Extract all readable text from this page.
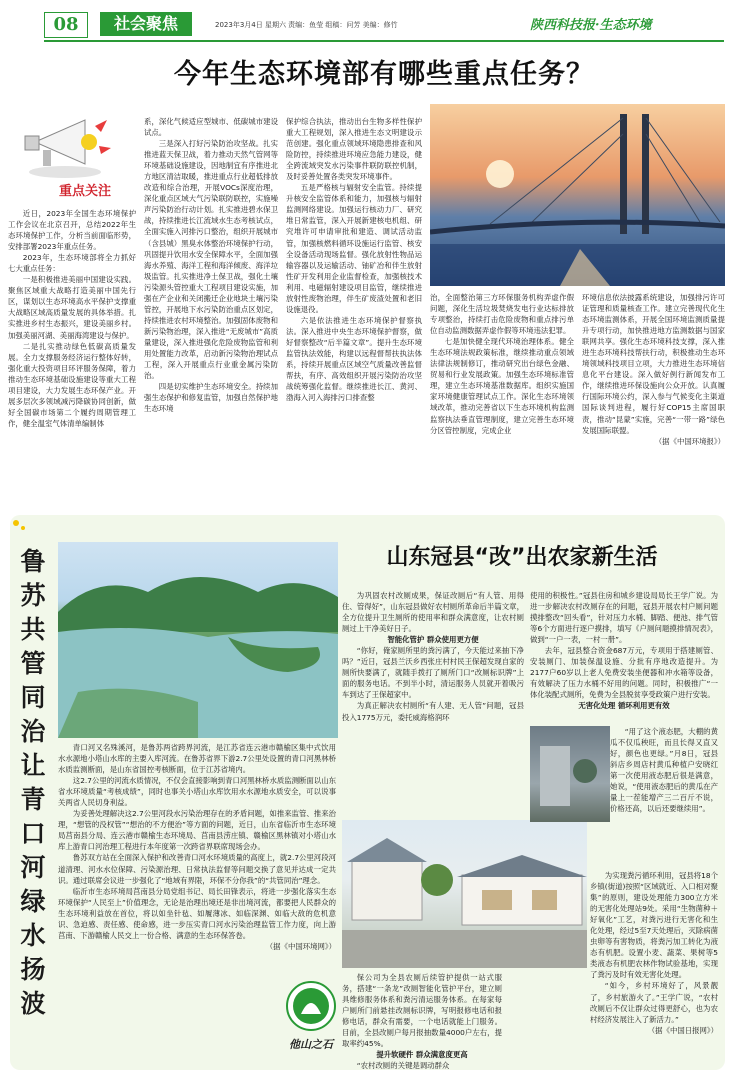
08	社会聚焦	2023年3月4日 星期六 责编：鱼莹 组稿：问芳 美编：修竹	陕西科技报·生态环境
今年生态环境部有哪些重点任务？
重点关注

近日，2023年全国生态环境保护工作会议在北京召开，总结2022年生态环境保护工作，分析当前面临形势，安排部署2023年重点任务。

2023年，生态环境部将全力抓好七大重点任务：

一是积极推进美丽中国建设实践。聚焦区域重大战略打造美丽中国先行区，谋划以生态环境高水平保护支撑重大战略区域高质量发展的具体举措。扎实推进乡村生态振兴，建设美丽乡村。加强美丽河湖、美丽海湾建设与保护。

二是扎实推动绿色低碳高质量发展。全力支撑服务经济运行整体好转，强化重大投资项目环评服务保障，着力推动生态环境基础设施建设等重大工程项目建设，大力发展生态环保产业。开展多层次多领域减污降碳协同创新，做好全国碳市场第二个履约周期管理工作，健全温室气体清单编制体

系，深化气候适应型城市、低碳城市建设试点。

三是深入打好污染防治攻坚战。扎实推进蓝天保卫战，着力推动天然气管网等环境基础设施建设，因地制宜有序推进北方地区清洁取暖，推进重点行业超低排放改造和综合治理，开展VOCs深度治理，深化重点区域大气污染联防联控，实施噪声污染防治行动计划。扎实推进碧水保卫战，持续推进长江流域水生态考核试点，全面实施入河排污口整治，组织开展城市（含县城）黑臭水体整治环境保护行动，巩固提升饮用水安全保障水平，全面加强海水养殖、海洋工程和海洋倾废、海洋垃圾监管。扎实推进净土保卫战，强化土壤污染源头管控重大工程项目建设实施，加强在产企业和关闭搬迁企业地块土壤污染管控，开展地下水污染防治重点区划定，持续推进农村环境整治。加强固体废物和新污染物治理，深入推进“无废城市”高质量建设，深入推进强化危险废物监管和利用处置能力改革，启动新污染物治理试点工程，深入开展重点行业重金属污染防治。

四是切实维护生态环境安全。持续加强生态保护和修复监管，加强自然保护地生态环境

保护综合执法，推动出台生物多样性保护重大工程规划，深入推进生态文明建设示范创建。强化重点领域环境隐患排查和风险防控，持续推进环境应急能力建设，健全跨流域突发水污染事件联防联控机制，及时妥善处置各类突发环境事件。

五是严格核与辐射安全监管。持续提升核安全监管体系和能力，加强核与辐射监测网络建设。加强运行核动力厂、研究堆日常监管，深入开展新建核电机组、研究堆许可申请审批和建造、调试活动监管，加强核燃料循环设施运行监管、核安全设备活动现场监督。强化放射性物品运输容器以及运输活动、铀矿冶和伴生放射性矿开发利用企业监督检查，加强核技术利用、电磁辐射建设项目监管，继续推进放射性废物治理，伴生矿废渣处置和老旧设施退役。

六是依法推进生态环境保护督察执法。深入推进中央生态环境保护督察，做好督察整改“后半篇文章”。提升生态环境监管执法效能，构建以远程督帮扶执法体系，持续开展重点区域空气质量改善监督帮扶，有序、高效组织开展污染防治攻坚战统筹强化监督。继续推进长江、黄河、渤海入河入海排污口排查整

治，全面整治第三方环保服务机构弄虚作假问题，深化生活垃圾焚烧发电行业达标排放专项整治，持续打击危险废物和重点排污单位自动监测数据弄虚作假等环境违法犯罪。

七是加快健全现代环境治理体系。健全生态环境法规政策标准，继续推动重点领域法律法规制修订，推动研究出台绿色金融、贸易和行业发展政策。加强生态环境标准管理，建立生态环境基准数据库。组织实施国家环境健康管理试点工作。深化生态环境领域改革，推动完善省以下生态环境机构监测监察执法垂直管理制度，建立完善生态环境分区管控制度，完成企业

环境信息依法披露系统建设，加强排污许可证管理和质量核查工作。建立完善现代化生态环境监测体系，开展全国环境监测质量提升专项行动，加快推进地方监测数据与国家联网共享。强化生态环境科技支撑，深入推进生态环境科技帮扶行动，积极推动生态环境领域科技项目立项，大力推进生态环境信息化平台建设。深入做好例行新闻发布工作，继续推进环保设施向公众开放。认真履行国际环境公约，深入参与气候变化主渠道国际谈判进程，履行好COP15主席国职责，推动“昆蒙”实施，完善“一带一路”绿色发展国际联盟。

（据《中国环境报》）

鲁苏共管同治让青口河绿水扬波

青口河又名殊溪河，是鲁苏两省跨界河流，是江苏省连云港市赣榆区集中式饮用水水源地小塔山水库的主要入库河流。在鲁苏省界下游2.7公里处设置的青口河黑林桥水质监测断面，是山东省国控考核断面，位于江苏省境内。

这2.7公里的河流水质情况，不仅会直接影响到青口河黑林桥水质监测断面以山东省水环境质量“考核成绩”，同时也事关小塔山水库饮用水水源地水质安全，可以说事关两省人民切身利益。

为妥善处理解决这2.7公里河段水污染治理存在的矛盾问题，如推来监管、推来治理，“想管的没权管”“想治的不方便治”等方面的问题，近日，山东省临沂市生态环境局莒南县分局、连云港市赣榆生态环境局、莒南县涝庄镇、赣榆区黑林镇对小塔山水库上游青口河治理工程进行本年度第一次跨省界联席现场会办。

鲁苏双方站在全面深入保护和改善青口河水环境质量的高度上，就2.7公里河段河道清理、河水水位保障、污染源治理、日常执法监督等问题交换了意见并达成一定共识。通过联席会议进一步强化了“地域有界限，环保不分你我”的“共管同治”理念。

临沂市生态环境局莒南县分局党组书记、局长田锋表示，将进一步强化落实生态环境保护“人民至上”价值理念，无论是治理出境还是非出境河流，都要把人民群众的生态环境利益放在首位，将以如坐针毡、如履薄冰、如临深渊、如临大敌的危机意识、急迫感、责任感、使命感，进一步压实青口河水污染治理监管工作力度，向上游莒南、下游赣榆人民交上一份合格、满意的生态环保答卷。

（据《中国环境网》）

山东冠县“改”出农家新生活

为巩固农村改厕成果，保证改厕后“有人管、用得住、管得好”，山东冠县做好农村厕所革命后半篇文章，全方位提升卫生厕所的使用率和群众满意度，让农村厕厕过上干净美好日子。

智能化管护 群众使用更方便

“你好，俺家厕所里的粪污满了，今天能过来抽下净吗？”近日，冠县兰沃乡西张庄村村民王保超发现自家的厕所快要满了，就随手拨打了厕所门口“改厕标识牌”上面的服务电话。不到半小时，清运服务人员就开着吸污车到达了王保超家中。

为真正解决农村厕所“有人建、无人管”问题，冠县投入1775万元，委托威海格润环

保公司为全县农厕后续管护提供一站式服务，搭建“一条龙”改厕智能化管护平台，建立厕具维修服务体系和粪污清运服务体系。在每家每户厕所门前悬挂改厕标识牌，写明报修电话和报修电话，群众有需要，一个电话就能上门服务。目前，全县改厕户每月报抽数量4000户左右，提取率约45%。

提升软硬件 群众满意度更高

“农村改厕的关键是调动群众

他山之石

使用的积极性。”冠县住房和城乡建设局局长王学广说。为进一步解决农村改厕存在的问题，冠县开展农村户厕问题摸排整改“回头看”，针对压力水桶、脚踏、便池、排气管等6个方面进行逐户摸排，填写《户厕问题摸排情况表》，做到“一户一表，一村一册”。

去年，冠县整合资金687万元，专项用于搭建厕管、安装厕门、加装保温设施、分批有序地改造提升。为2177户60岁以上老人免费安装坐便器和冲水箱等设备，有效解决了压力水桶不好用的问题。同时，积极推广“一体化装配式厕所，免费为全县脱贫享受政策户进行安装。

无害化处理 循环利用更有效

“用了这个液态肥，大棚的黄瓜不仅瓜秧旺，而且长得又直又好，颜色也更绿。”月8日，冠县斜店乡周店村黄瓜种植户安晓红第一次使用液态肥后很是满意，她说，“使用液态肥后的黄瓜在产量上一茬能增产三二百斤不说，价格还高，以后还要继续用”。

为实现粪污循环利用，冠县将18个乡镇(街道)按照“区域就近、入口相对聚集”的原则，建设处理能力300立方米的无害化处理站9处。采用“生物菌种＋好氧化”工艺，对粪污进行无害化和生化处理，经过5至7天处理后，灭除病菌虫卵等有害物质，将粪污加工转化为液态有机肥。设置小麦、蔬菜、果树等5类液态有机肥农林作物试验基地，实现了粪污及时有效无害化处理。

“如今，乡村环境好了，风景靓了，乡村旅游火了。”王学广说，“农村改厕后不仅让群众过得更舒心，也为农村经济发展注入了新活力。”

（据《中国日报网》）
